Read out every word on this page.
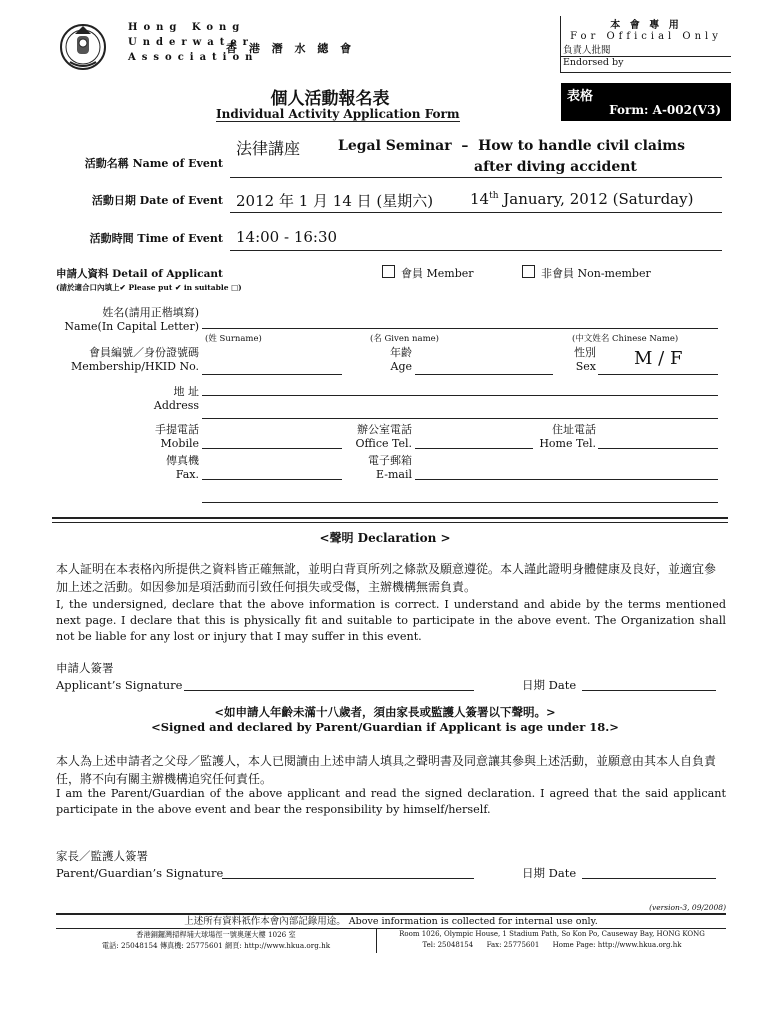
Hong Kong
Underwater
Association
香 港 潛 水 總 會
本 會 專 用
For Official Only
負責人批閱
Endorsed by
表格
Form: A-002(V3)
個人活動報名表
Individual Activity Application Form
活動名稱 Name of Event
法律講座	Legal Seminar  –  How to handle civil claims
after diving accident
活動日期 Date of Event 2012 年 1 月 14 日 (星期六) 14th January, 2012 (Saturday)
活動時間 Time of Event 14:00 - 16:30
申請人資料 Detail of Applicant
(請於適合口內填上✔ Please put ✔ in suitable □)
會員 Member	非會員 Non-member
姓名(請用正楷填寫)
Name(In Capital Letter)
(姓 Surname)	(名 Given name)	(中文姓名 Chinese Name)
會員編號／身份證號碼
Membership/HKID No.
年齡
Age
性別
Sex M / F
地 址
Address
手提電話
Mobile
辦公室電話
Office Tel.
住址電話
Home Tel.
傳真機
Fax.
電子郵箱
E-mail
<聲明 Declaration >
本人証明在本表格內所提供之資料皆正確無訛，並明白背頁所列之條款及願意遵從。本人謹此證明身體健康及良好，並適宜參加上述之活動。如因參加是項活動而引致任何損失或受傷，主辦機構無需負責。
I, the undersigned, declare that the above information is correct. I understand and abide by the terms mentioned next page. I declare that this is physically fit and suitable to participate in the above event. The Organization shall not be liable for any lost or injury that I may suffer in this event.
申請人簽署
Applicant’s Signature	日期 Date
<如申請人年齡未滿十八歲者，須由家長或監護人簽署以下聲明。>
<Signed and declared by Parent/Guardian if Applicant is age under 18.>
本人為上述申請者之父母／監護人，本人已閱讀由上述申請人填具之聲明書及同意讓其參與上述活動，並願意由其本人自負責任，將不向有關主辦機構追究任何責任。
I am the Parent/Guardian of the above applicant and read the signed declaration. I agreed that the said applicant participate in the above event and bear the responsibility by himself/herself.
家長／監護人簽署
Parent/Guardian’s Signature	日期 Date
(version-3, 09/2008)
上述所有資料祇作本會內部記錄用途。 Above information is collected for internal use only.
香港銅鑼灣掃桿埔大球場徑一號奧運大樓 1026 室
電話: 25048154 傳真機: 25775601 網頁: http://www.hkua.org.hk
Room 1026, Olympic House, 1 Stadium Path, So Kon Po, Causeway Bay, HONG KONG
Tel: 25048154      Fax: 25775601      Home Page: http://www.hkua.org.hk
